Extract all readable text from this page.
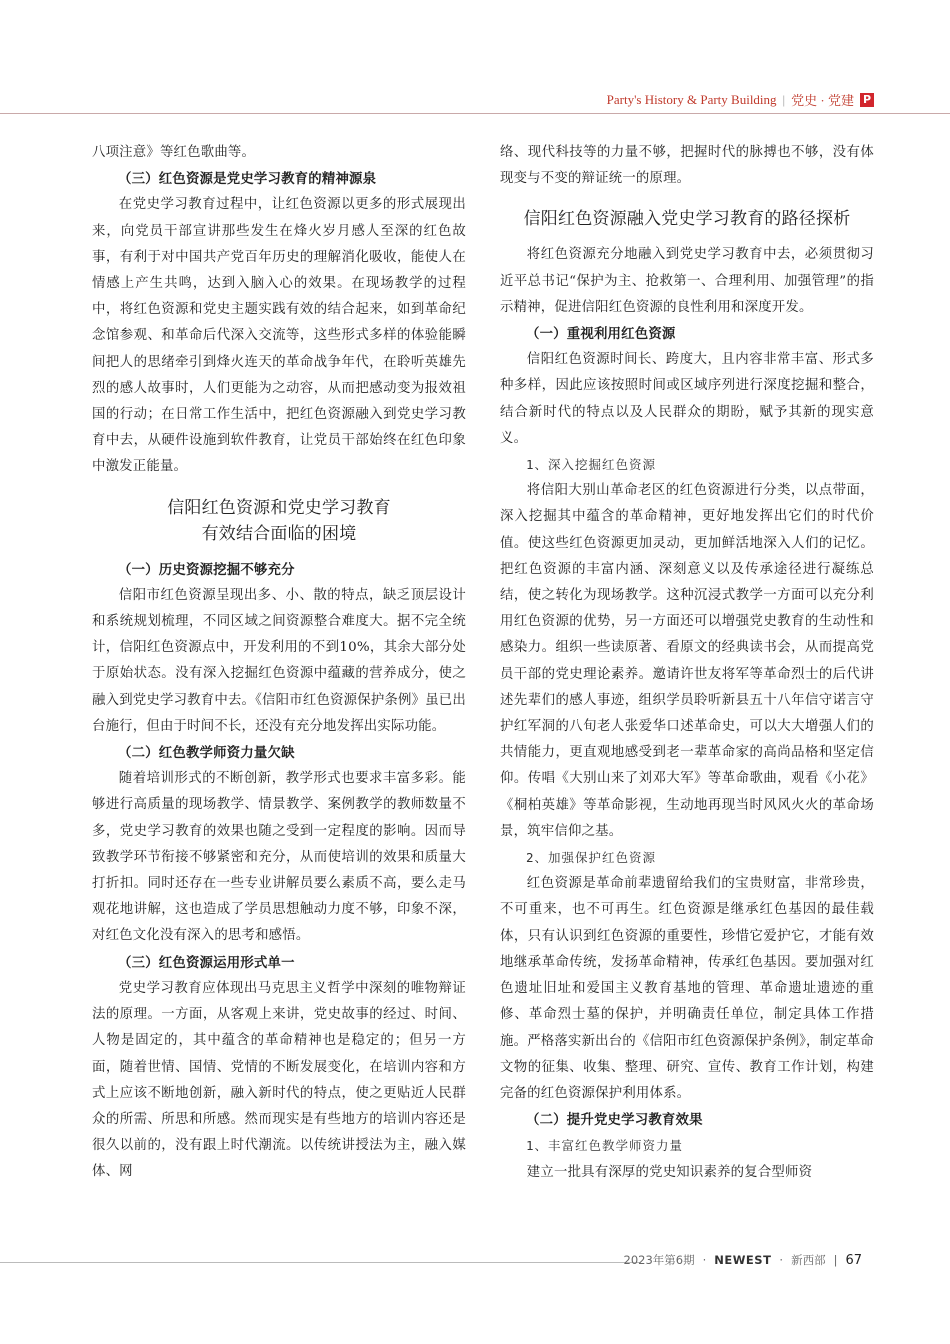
Party's History & Party Building | 党史 · 党建 P

八项注意》等红色歌曲等。

（三）红色资源是党史学习教育的精神源泉

在党史学习教育过程中，让红色资源以更多的形式展现出来，向党员干部宣讲那些发生在烽火岁月感人至深的红色故事，有利于对中国共产党百年历史的理解消化吸收，能使人在情感上产生共鸣，达到入脑入心的效果。在现场教学的过程中，将红色资源和党史主题实践有效的结合起来，如到革命纪念馆参观、和革命后代深入交流等，这些形式多样的体验能瞬间把人的思绪牵引到烽火连天的革命战争年代，在聆听英雄先烈的感人故事时，人们更能为之动容，从而把感动变为报效祖国的行动；在日常工作生活中，把红色资源融入到党史学习教育中去，从硬件设施到软件教育，让党员干部始终在红色印象中激发正能量。

信阳红色资源和党史学习教育
有效结合面临的困境

（一）历史资源挖掘不够充分

信阳市红色资源呈现出多、小、散的特点，缺乏顶层设计和系统规划梳理，不同区域之间资源整合难度大。据不完全统计，信阳红色资源点中，开发利用的不到10%，其余大部分处于原始状态。没有深入挖掘红色资源中蕴藏的营养成分，使之融入到党史学习教育中去。《信阳市红色资源保护条例》虽已出台施行，但由于时间不长，还没有充分地发挥出实际功能。

（二）红色教学师资力量欠缺

随着培训形式的不断创新，教学形式也要求丰富多彩。能够进行高质量的现场教学、情景教学、案例教学的教师数量不多，党史学习教育的效果也随之受到一定程度的影响。因而导致教学环节衔接不够紧密和充分，从而使培训的效果和质量大打折扣。同时还存在一些专业讲解员要么素质不高，要么走马观花地讲解，这也造成了学员思想触动力度不够，印象不深，对红色文化没有深入的思考和感悟。

（三）红色资源运用形式单一

党史学习教育应体现出马克思主义哲学中深刻的唯物辩证法的原理。一方面，从客观上来讲，党史故事的经过、时间、人物是固定的，其中蕴含的革命精神也是稳定的；但另一方面，随着世情、国情、党情的不断发展变化，在培训内容和方式上应该不断地创新，融入新时代的特点，使之更贴近人民群众的所需、所思和所感。然而现实是有些地方的培训内容还是很久以前的，没有跟上时代潮流。以传统讲授法为主，融入媒体、网

络、现代科技等的力量不够，把握时代的脉搏也不够，没有体现变与不变的辩证统一的原理。

信阳红色资源融入党史学习教育的路径探析

将红色资源充分地融入到党史学习教育中去，必须贯彻习近平总书记“保护为主、抢救第一、合理利用、加强管理”的指示精神，促进信阳红色资源的良性利用和深度开发。

（一）重视利用红色资源

信阳红色资源时间长、跨度大，且内容非常丰富、形式多种多样，因此应该按照时间或区域序列进行深度挖掘和整合，结合新时代的特点以及人民群众的期盼，赋予其新的现实意义。

1、深入挖掘红色资源

将信阳大别山革命老区的红色资源进行分类，以点带面，深入挖掘其中蕴含的革命精神，更好地发挥出它们的时代价值。使这些红色资源更加灵动，更加鲜活地深入人们的记忆。把红色资源的丰富内涵、深刻意义以及传承途径进行凝练总结，使之转化为现场教学。这种沉浸式教学一方面可以充分利用红色资源的优势，另一方面还可以增强党史教育的生动性和感染力。组织一些读原著、看原文的经典读书会，从而提高党员干部的党史理论素养。邀请许世友将军等革命烈士的后代讲述先辈们的感人事迹，组织学员聆听新县五十八年信守诺言守护红军洞的八旬老人张爱华口述革命史，可以大大增强人们的共情能力，更直观地感受到老一辈革命家的高尚品格和坚定信仰。传唱《大别山来了刘邓大军》等革命歌曲，观看《小花》《桐柏英雄》等革命影视，生动地再现当时风风火火的革命场景，筑牢信仰之基。

2、加强保护红色资源

红色资源是革命前辈遗留给我们的宝贵财富，非常珍贵，不可重来，也不可再生。红色资源是继承红色基因的最佳载体，只有认识到红色资源的重要性，珍惜它爱护它，才能有效地继承革命传统，发扬革命精神，传承红色基因。要加强对红色遗址旧址和爱国主义教育基地的管理、革命遗址遗迹的重修、革命烈士墓的保护，并明确责任单位，制定具体工作措施。严格落实新出台的《信阳市红色资源保护条例》，制定革命文物的征集、收集、整理、研究、宣传、教育工作计划，构建完备的红色资源保护利用体系。

（二）提升党史学习教育效果

1、丰富红色教学师资力量

建立一批具有深厚的党史知识素养的复合型师资

2023年第6期 · NEWEST · 新西部 | 67
